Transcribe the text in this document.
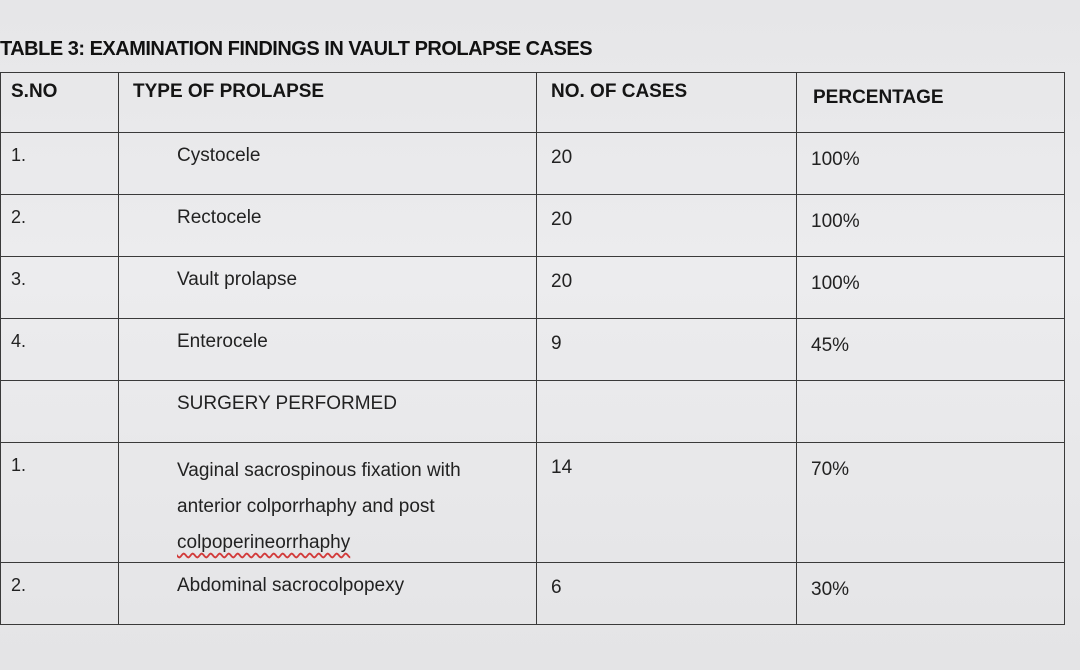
TABLE 3: EXAMINATION FINDINGS IN VAULT PROLAPSE CASES
S.NO	TYPE OF PROLAPSE	NO. OF CASES	PERCENTAGE
1.	Cystocele	20	100%
2.	Rectocele	20	100%
3.	Vault prolapse	20	100%
4.	Enterocele	9	45%
	SURGERY PERFORMED		
1.	Vaginal sacrospinous fixation with anterior colporrhaphy and post colpoperineorrhaphy	14	70%
2.	Abdominal sacrocolpopexy	6	30%
